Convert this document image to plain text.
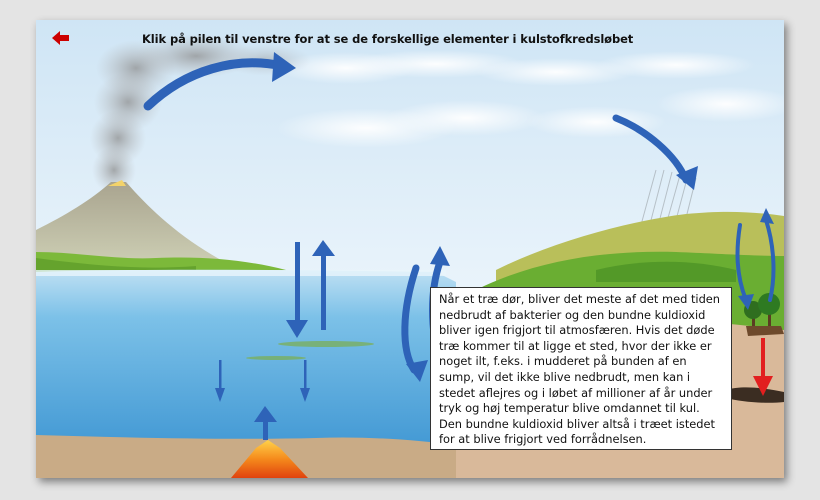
Klik på pilen til venstre for at se de forskellige elementer i kulstofkredsløbet
Når et træ dør, bliver det meste af det med tiden nedbrudt af bakterier og den bundne kuldioxid bliver igen frigjort til atmosfæren. Hvis det døde træ kommer til at ligge et sted, hvor der ikke er noget ilt, f.eks. i mudderet på bunden af en sump, vil det ikke blive nedbrudt, men kan i stedet aflejres og i løbet af millioner af år under tryk og høj temperatur blive omdannet til kul. Den bundne kuldioxid bliver altså i træet istedet for at blive frigjort ved forrådnelsen.
